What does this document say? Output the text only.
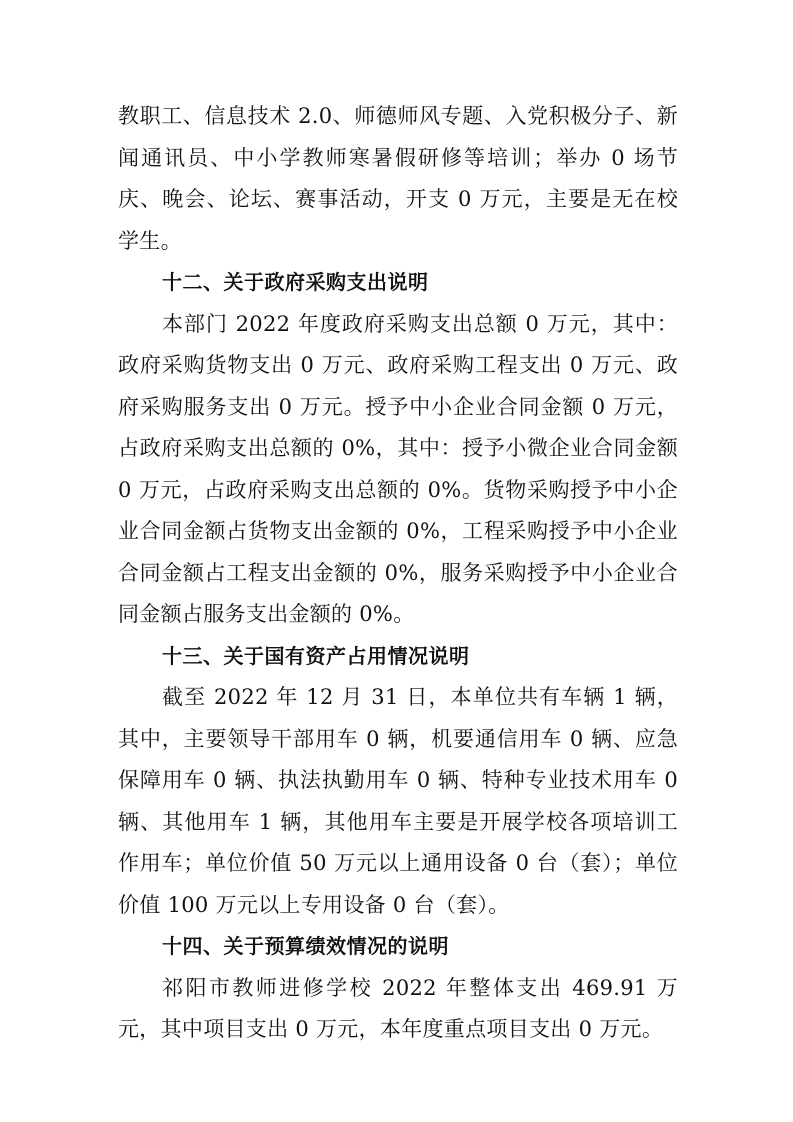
教职工、信息技术 2.0、师德师风专题、入党积极分子、新闻通讯员、中小学教师寒暑假研修等培训；举办 0 场节庆、晚会、论坛、赛事活动，开支 0 万元，主要是无在校学生。

十二、关于政府采购支出说明

本部门 2022 年度政府采购支出总额 0 万元，其中：政府采购货物支出 0 万元、政府采购工程支出 0 万元、政府采购服务支出 0 万元。授予中小企业合同金额 0 万元，占政府采购支出总额的 0%，其中：授予小微企业合同金额 0 万元，占政府采购支出总额的 0%。货物采购授予中小企业合同金额占货物支出金额的 0%，工程采购授予中小企业合同金额占工程支出金额的 0%，服务采购授予中小企业合同金额占服务支出金额的 0%。

十三、关于国有资产占用情况说明

截至 2022 年 12 月 31 日，本单位共有车辆 1 辆，其中，主要领导干部用车 0 辆，机要通信用车 0 辆、应急保障用车 0 辆、执法执勤用车 0 辆、特种专业技术用车 0 辆、其他用车 1 辆，其他用车主要是开展学校各项培训工作用车；单位价值 50 万元以上通用设备 0 台（套）；单位价值 100 万元以上专用设备 0 台（套）。

十四、关于预算绩效情况的说明

祁阳市教师进修学校 2022 年整体支出 469.91 万元，其中项目支出 0 万元，本年度重点项目支出 0 万元。
